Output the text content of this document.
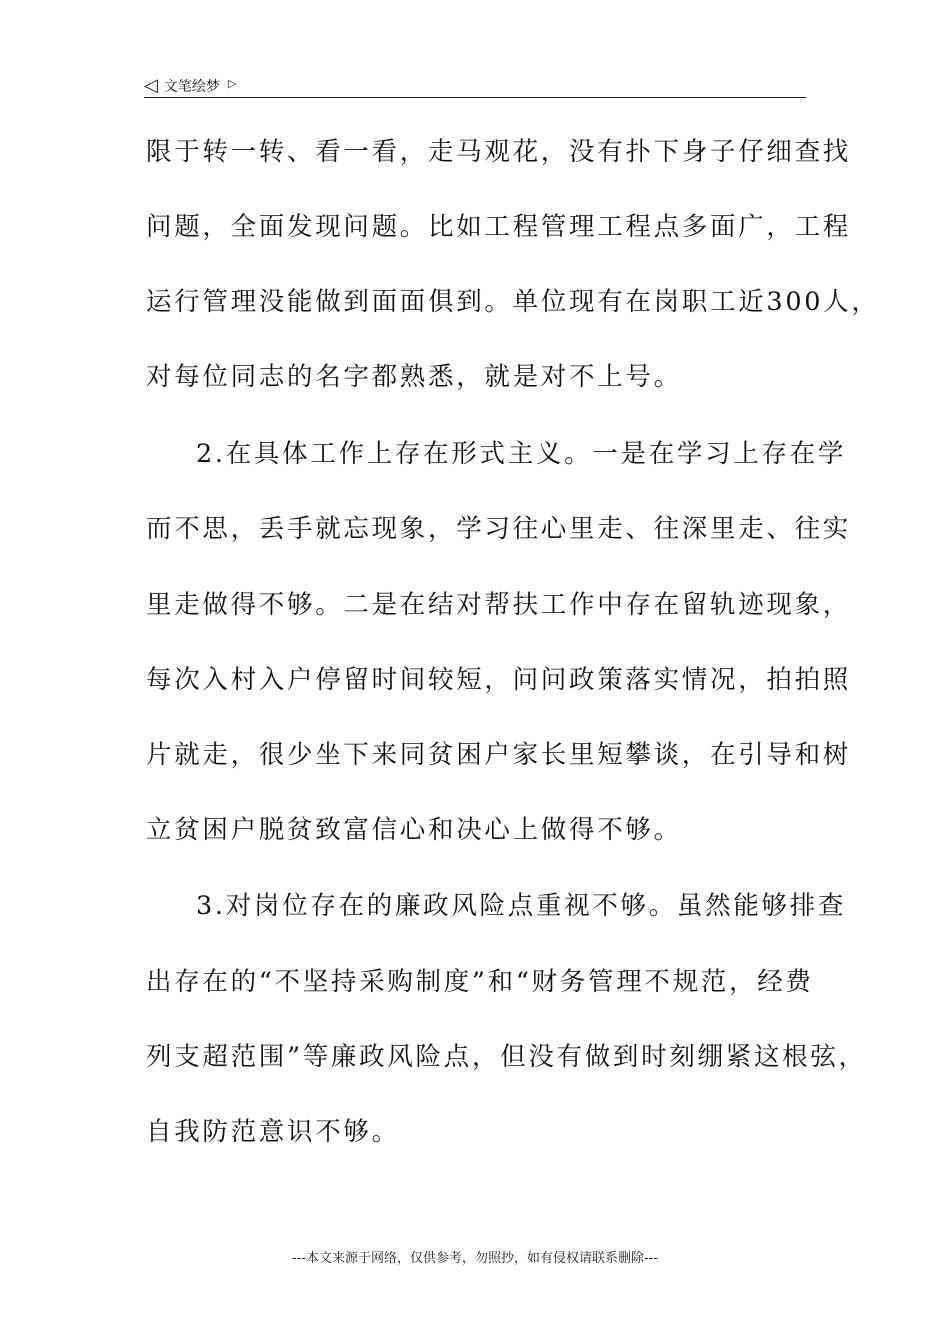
◁ 文笔绘梦 ▷
限于转一转、看一看，走马观花，没有扑下身子仔细查找
问题，全面发现问题。比如工程管理工程点多面广，工程
运行管理没能做到面面俱到。单位现有在岗职工近300人，
对每位同志的名字都熟悉，就是对不上号。
2.在具体工作上存在形式主义。一是在学习上存在学
而不思，丢手就忘现象，学习往心里走、往深里走、往实
里走做得不够。二是在结对帮扶工作中存在留轨迹现象，
每次入村入户停留时间较短，问问政策落实情况，拍拍照
片就走，很少坐下来同贫困户家长里短攀谈，在引导和树
立贫困户脱贫致富信心和决心上做得不够。
3.对岗位存在的廉政风险点重视不够。虽然能够排查
出存在的“不坚持采购制度”和“财务管理不规范，经费
列支超范围”等廉政风险点，但没有做到时刻绷紧这根弦，
自我防范意识不够。
---本文来源于网络，仅供参考，勿照抄，如有侵权请联系删除---
